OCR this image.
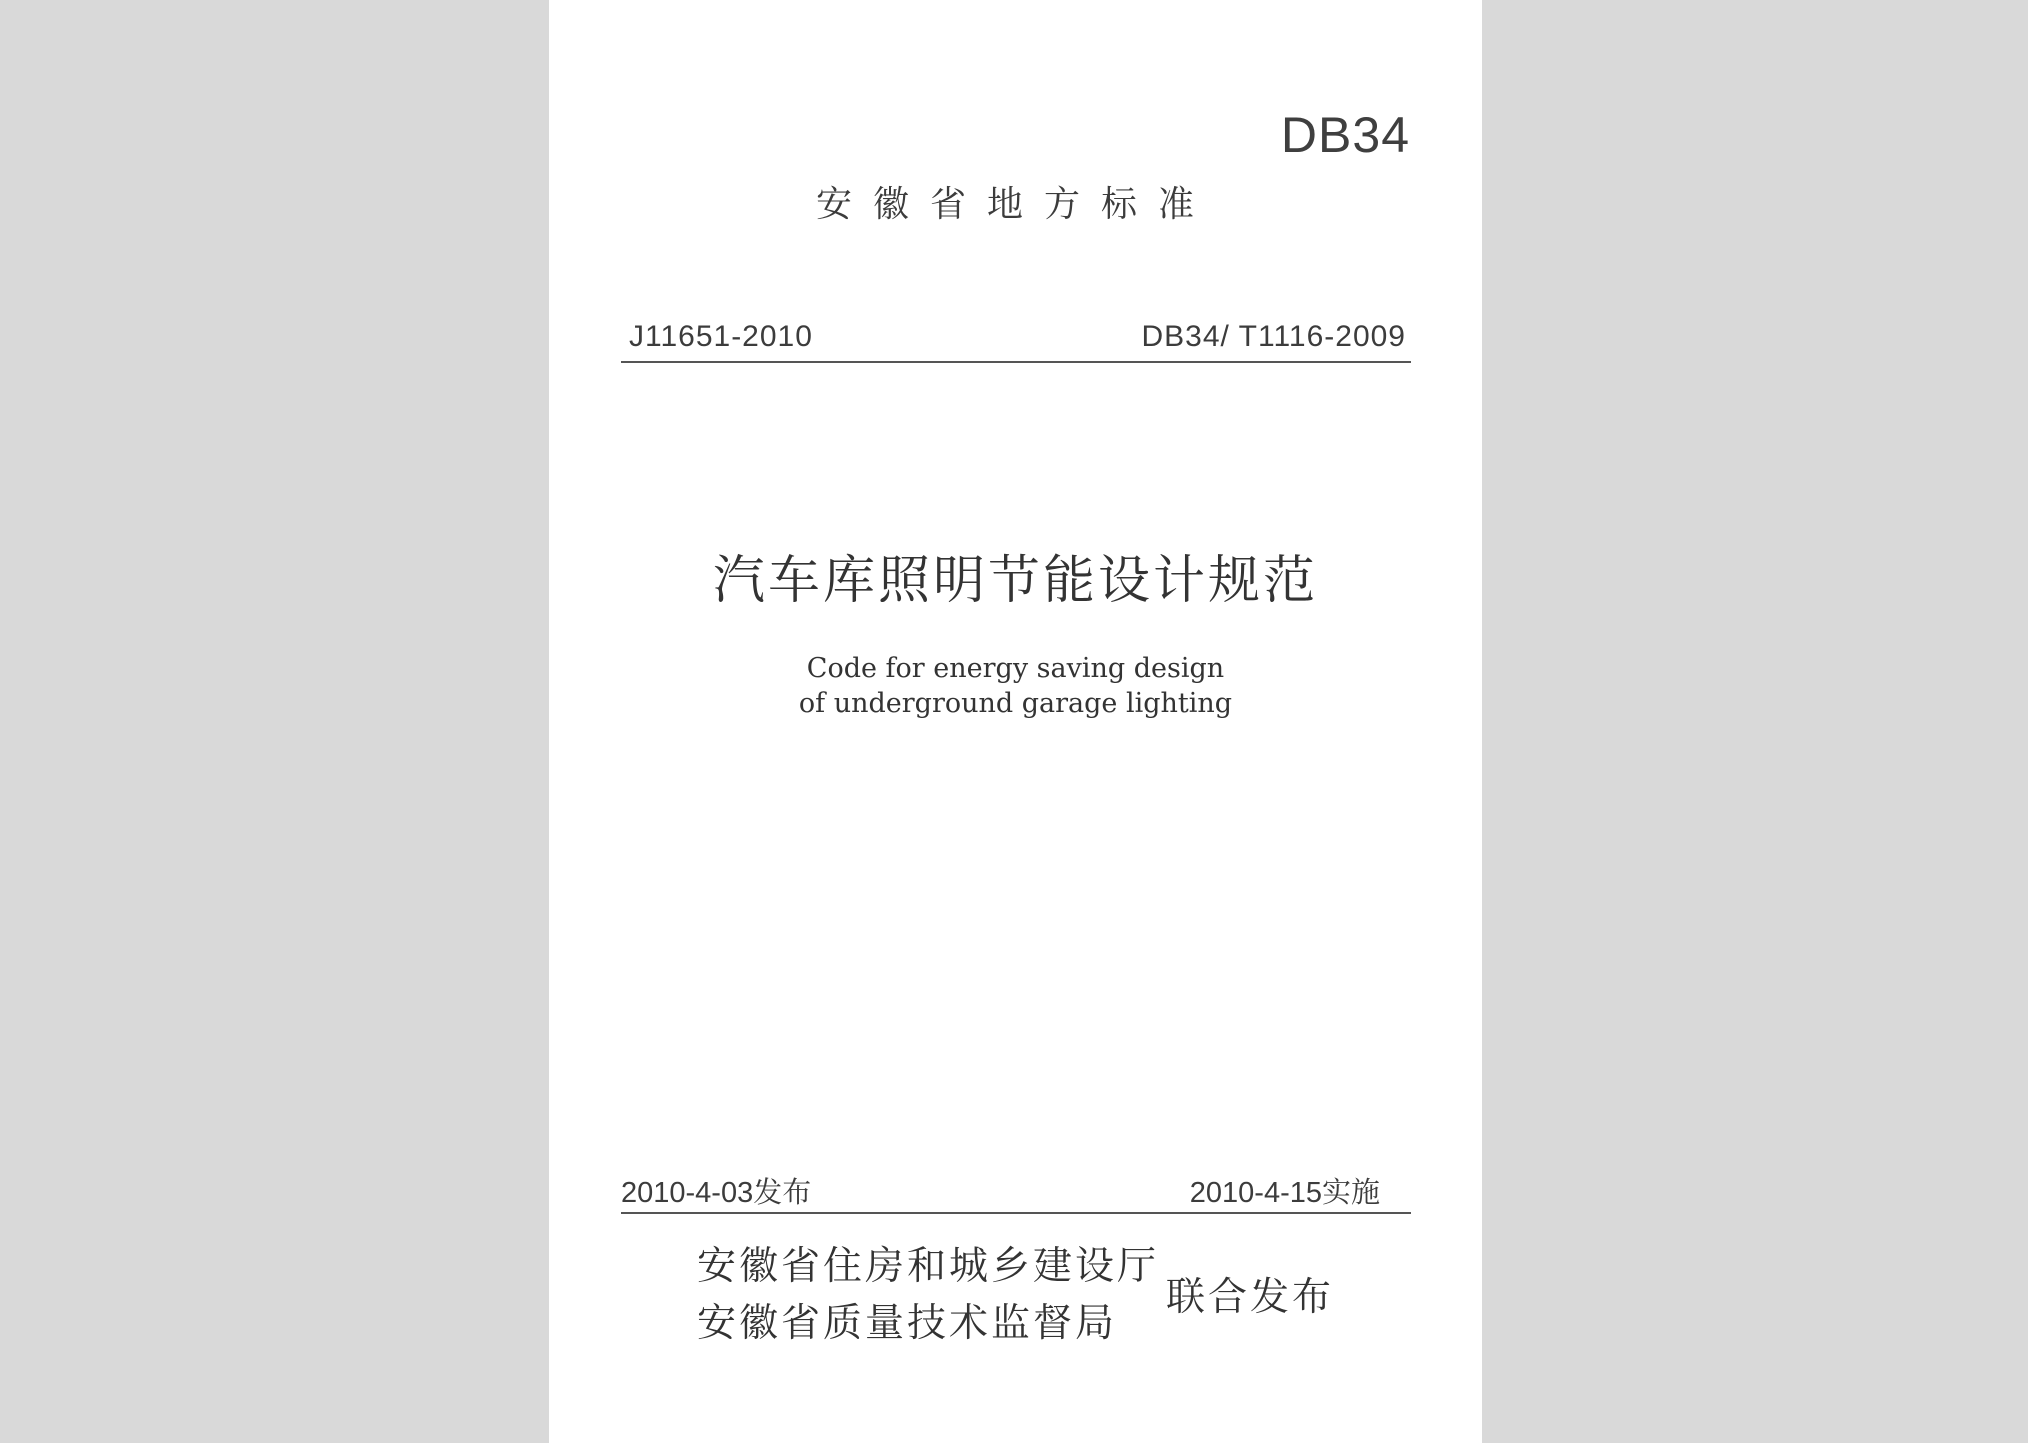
DB34
安徽省地方标准
J11651-2010	DB34/ T1116-2009
汽车库照明节能设计规范
Code for energy saving design
of underground garage lighting
2010-4-03发布	2010-4-15实施
安徽省住房和城乡建设厅
安徽省质量技术监督局
联合发布
